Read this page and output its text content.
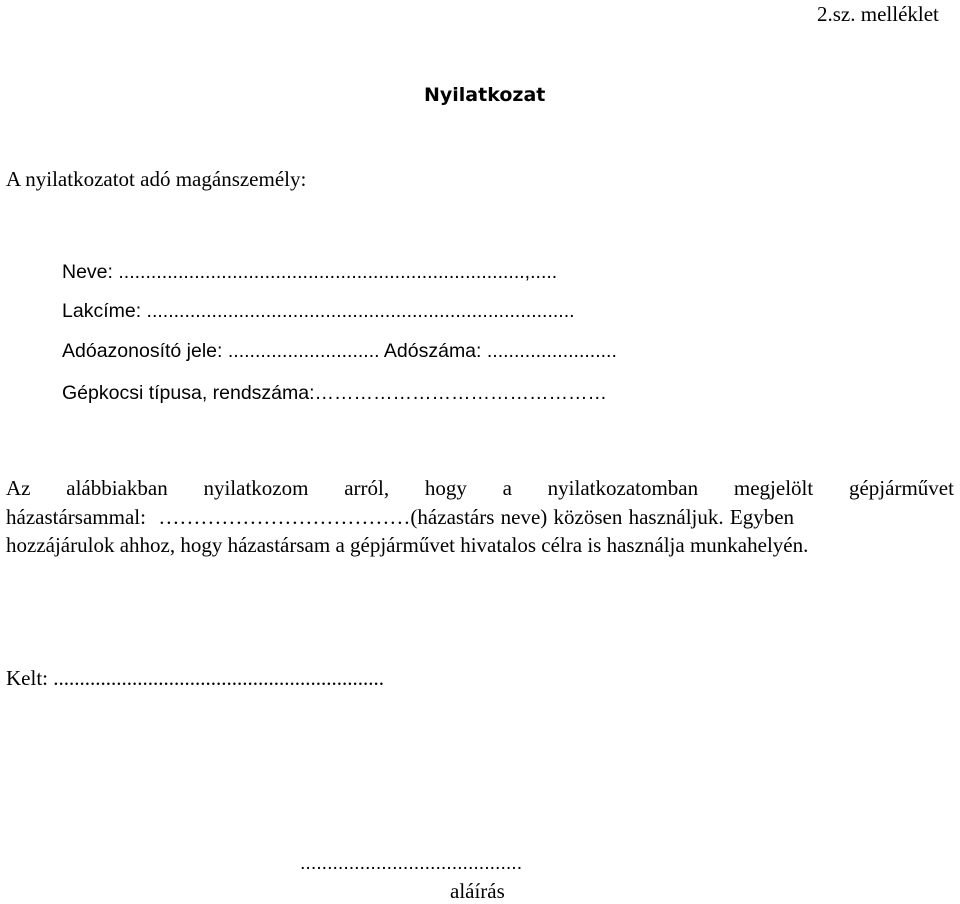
2.sz. melléklet
Nyilatkozat
A nyilatkozatot adó magánszemély:
Neve: ...........................................................................,.....
Lakcíme: ...............................................................................
Adóazonosító jele: ............................ Adószáma: ........................
Gépkocsi típusa, rendszáma:………………………………………
Az alábbiakban nyilatkozom arról, hogy a nyilatkozatomban megjelölt gépjárművet
házastársammal:  ………………………………(házastárs neve) közösen használjuk. Egyben
hozzájárulok ahhoz, hogy házastársam a gépjárművet hivatalos célra is használja munkahelyén.
Kelt: ...............................................................
.........................................
aláírás
